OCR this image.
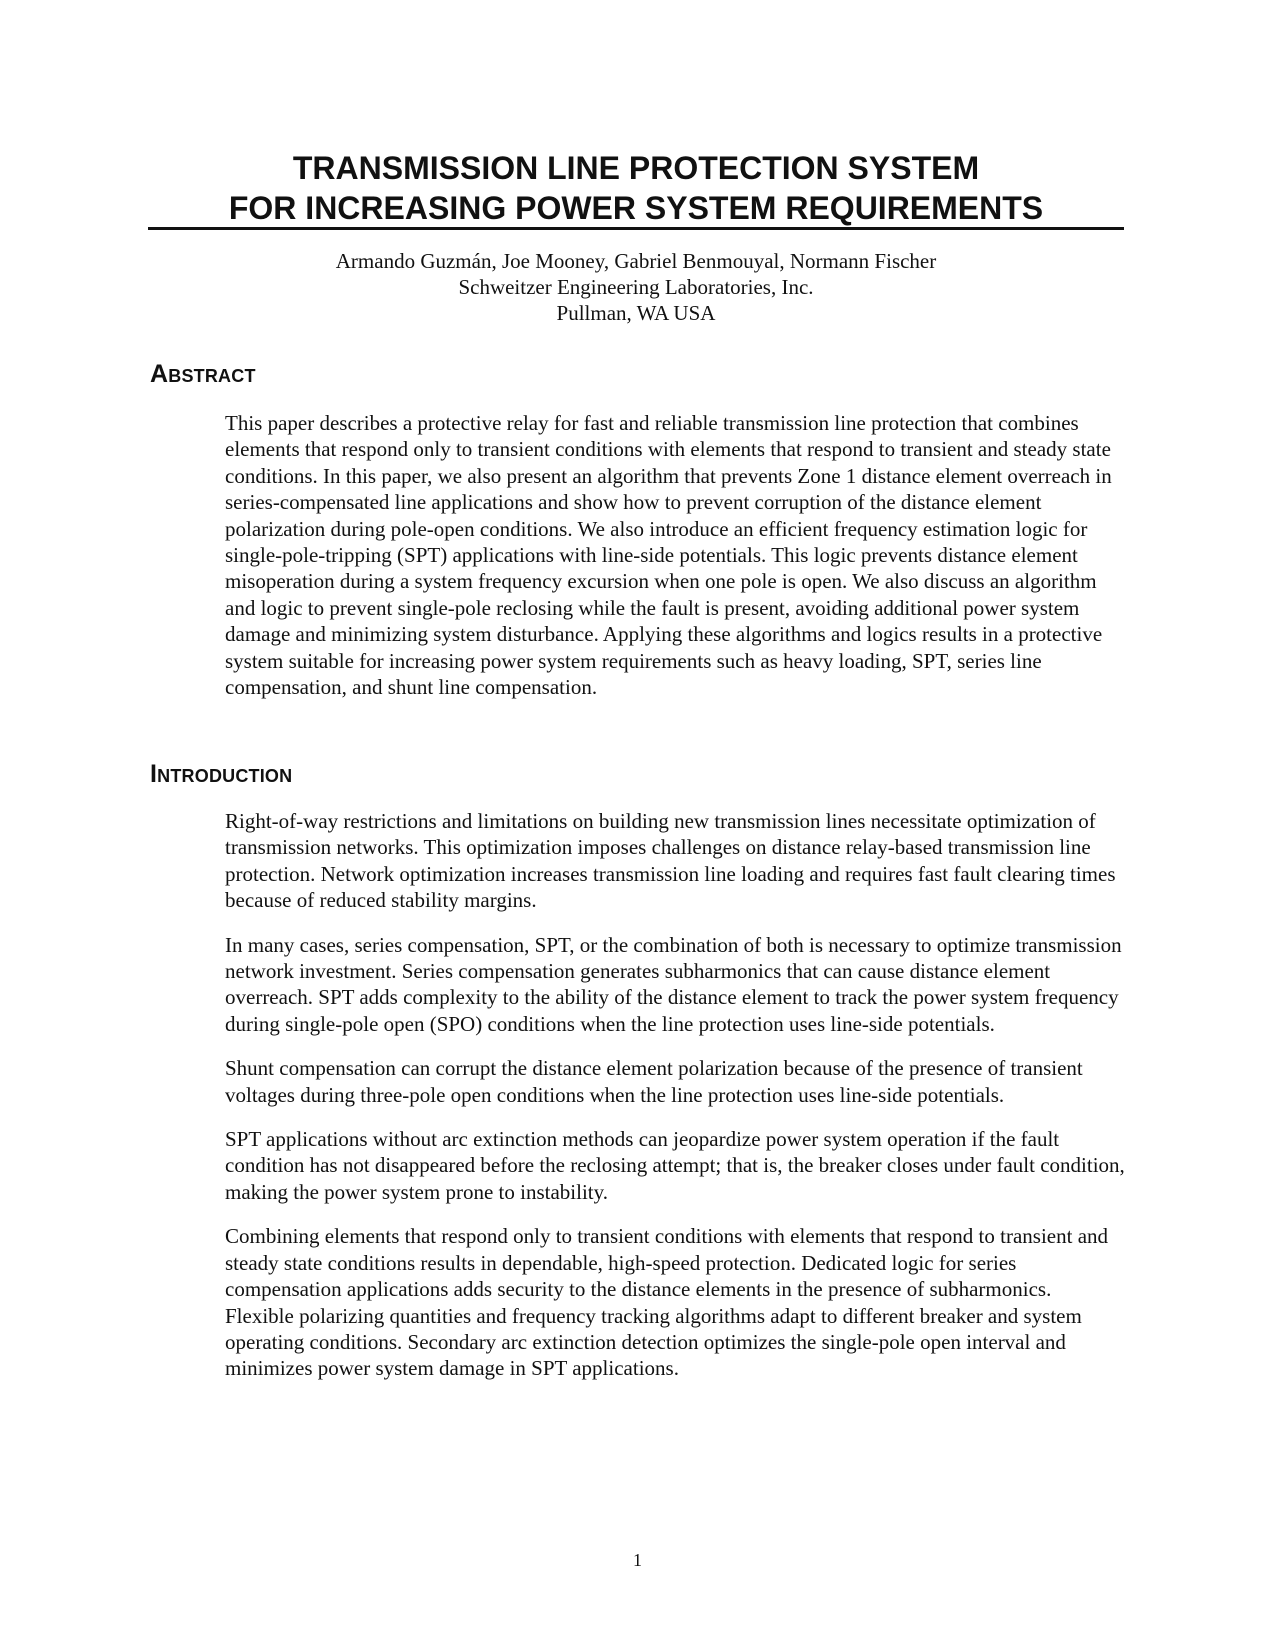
TRANSMISSION LINE PROTECTION SYSTEM
FOR INCREASING POWER SYSTEM REQUIREMENTS
Armando Guzmán, Joe Mooney, Gabriel Benmouyal, Normann Fischer
Schweitzer Engineering Laboratories, Inc.
Pullman, WA USA
Abstract

This paper describes a protective relay for fast and reliable transmission line protection that combines elements that respond only to transient conditions with elements that respond to transient and steady state conditions. In this paper, we also present an algorithm that prevents Zone 1 distance element overreach in series-compensated line applications and show how to prevent corruption of the distance element polarization during pole-open conditions. We also introduce an efficient frequency estimation logic for single-pole-tripping (SPT) applications with line-side potentials. This logic prevents distance element misoperation during a system frequency excursion when one pole is open. We also discuss an algorithm and logic to prevent single-pole reclosing while the fault is present, avoiding additional power system damage and minimizing system disturbance. Applying these algorithms and logics results in a protective system suitable for increasing power system requirements such as heavy loading, SPT, series line compensation, and shunt line compensation.

Introduction

Right-of-way restrictions and limitations on building new transmission lines necessitate optimization of transmission networks. This optimization imposes challenges on distance relay-based transmission line protection. Network optimization increases transmission line loading and requires fast fault clearing times because of reduced stability margins.

In many cases, series compensation, SPT, or the combination of both is necessary to optimize transmission network investment. Series compensation generates subharmonics that can cause distance element overreach. SPT adds complexity to the ability of the distance element to track the power system frequency during single-pole open (SPO) conditions when the line protection uses line-side potentials.

Shunt compensation can corrupt the distance element polarization because of the presence of transient voltages during three-pole open conditions when the line protection uses line-side potentials.

SPT applications without arc extinction methods can jeopardize power system operation if the fault condition has not disappeared before the reclosing attempt; that is, the breaker closes under fault condition, making the power system prone to instability.

Combining elements that respond only to transient conditions with elements that respond to transient and steady state conditions results in dependable, high-speed protection. Dedicated logic for series compensation applications adds security to the distance elements in the presence of subharmonics. Flexible polarizing quantities and frequency tracking algorithms adapt to different breaker and system operating conditions. Secondary arc extinction detection optimizes the single-pole open interval and minimizes power system damage in SPT applications.

1
